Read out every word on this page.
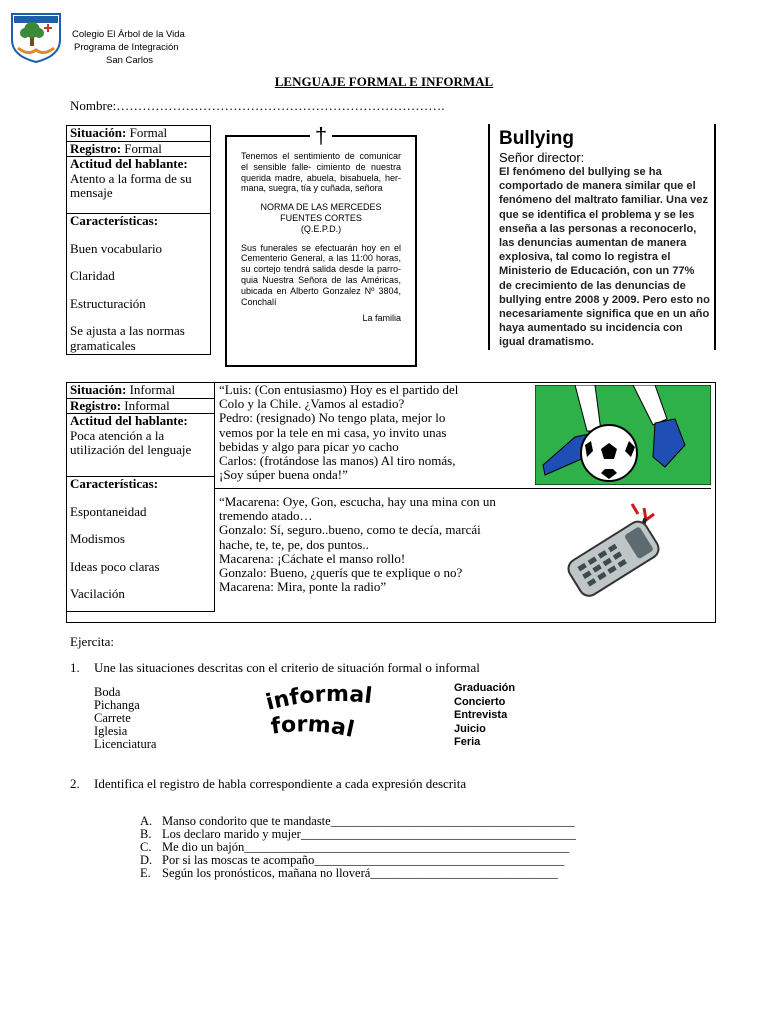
Colegio El Árbol de la Vida
Programa de Integración
San Carlos
LENGUAJE FORMAL E INFORMAL
Nombre:………………………………………………………………….
Situación: Formal
Registro: Formal

Actitud del hablante:
Atento a la forma de su mensaje

Características:
Buen vocabulario
Claridad
Estructuración
Se ajusta a las normas gramaticales
†

Tenemos el sentimiento de comunicar el sensible falle- cimiento de nuestra querida madre, abuela, bisabuela, her- mana, suegra, tía y cuñada, señora

NORMA DE LAS MERCEDES

FUENTES CORTES

(Q.E.P.D.)

Sus funerales se efectuarán hoy en el Cementerio General, a las 11:00 horas, su cortejo tendrá salida desde la parro- quia Nuestra Señora de las Américas, ubicada en Alberto Gonzalez Nº 3804, Conchalí

La familia

Bullying
Señor director:
El fenómeno del bullying se ha comportado de manera similar que el fenómeno del maltrato familiar. Una vez que se identifica el problema y se les enseña a las personas a reconocerlo, las denuncias aumentan de manera explosiva, tal como lo registra el Ministerio de Educación, con un 77% de crecimiento de las denuncias de bullying entre 2008 y 2009. Pero esto no necesariamente significa que en un año haya aumentado su incidencia con igual dramatismo.
Situación: Informal
Registro: Informal

Actitud del hablante:
Poca atención a la utilización del lenguaje

Características:
Espontaneidad
Modismos
Ideas poco claras
Vacilación
“Luis: (Con entusiasmo) Hoy es el partido del
Colo y la Chile. ¿Vamos al estadio?
Pedro: (resignado) No tengo plata, mejor lo
vemos por la tele en mi casa, yo invito unas
bebidas y algo para picar yo cacho
Carlos: (frotándose las manos) Al tiro nomás,
¡Soy súper buena onda!”
“Macarena: Oye, Gon, escucha, hay una mina con un
tremendo atado…
Gonzalo: Sí, seguro..bueno, como te decía, marcái
hache, te, te, pe, dos puntos..
Macarena: ¡Cáchate el manso rollo!
Gonzalo: Bueno, ¿querís que te explique o no?
Macarena: Mira, ponte la radio”
Ejercita:
1. Une las situaciones descritas con el criterio de situación formal o informal
Boda
Pichanga
Carrete
Iglesia
Licenciatura
informal
formal
Graduación
Concierto
Entrevista
Juicio
Feria
2. Identifica el registro de habla correspondiente a cada expresión descrita
A. Manso condorito que te mandaste_______________________________________
B. Los declaro marido y mujer____________________________________________
C. Me dio un bajón____________________________________________________
D. Por si las moscas te acompaño________________________________________
E. Según los pronósticos, mañana no lloverá______________________________
